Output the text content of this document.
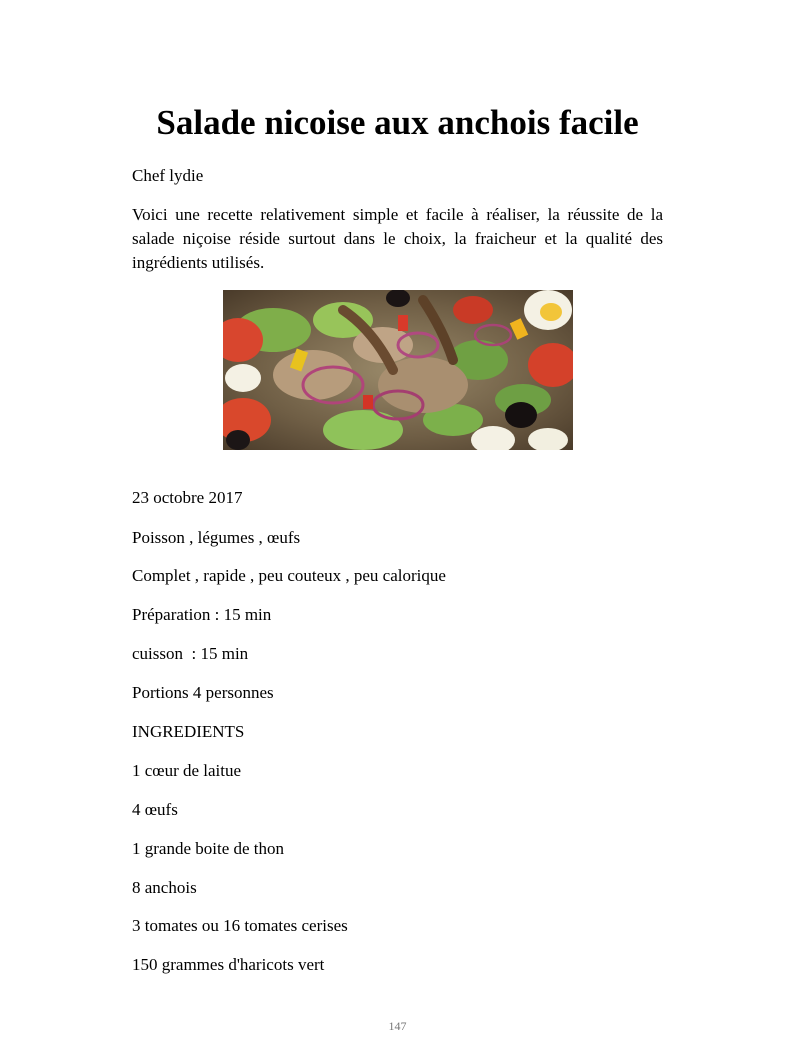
Salade nicoise aux anchois facile

Chef lydie

Voici une recette relativement simple et facile à réaliser, la réussite de la salade niçoise réside surtout dans le choix, la fraicheur et la qualité des ingrédients utilisés.

23 octobre 2017

Poisson , légumes , œufs

Complet , rapide , peu couteux , peu calorique

Préparation : 15 min

cuisson  : 15 min

Portions 4 personnes

INGREDIENTS

1 cœur de laitue

4 œufs

1 grande boite de thon

8 anchois

3 tomates ou 16 tomates cerises

150 grammes d'haricots vert

147
